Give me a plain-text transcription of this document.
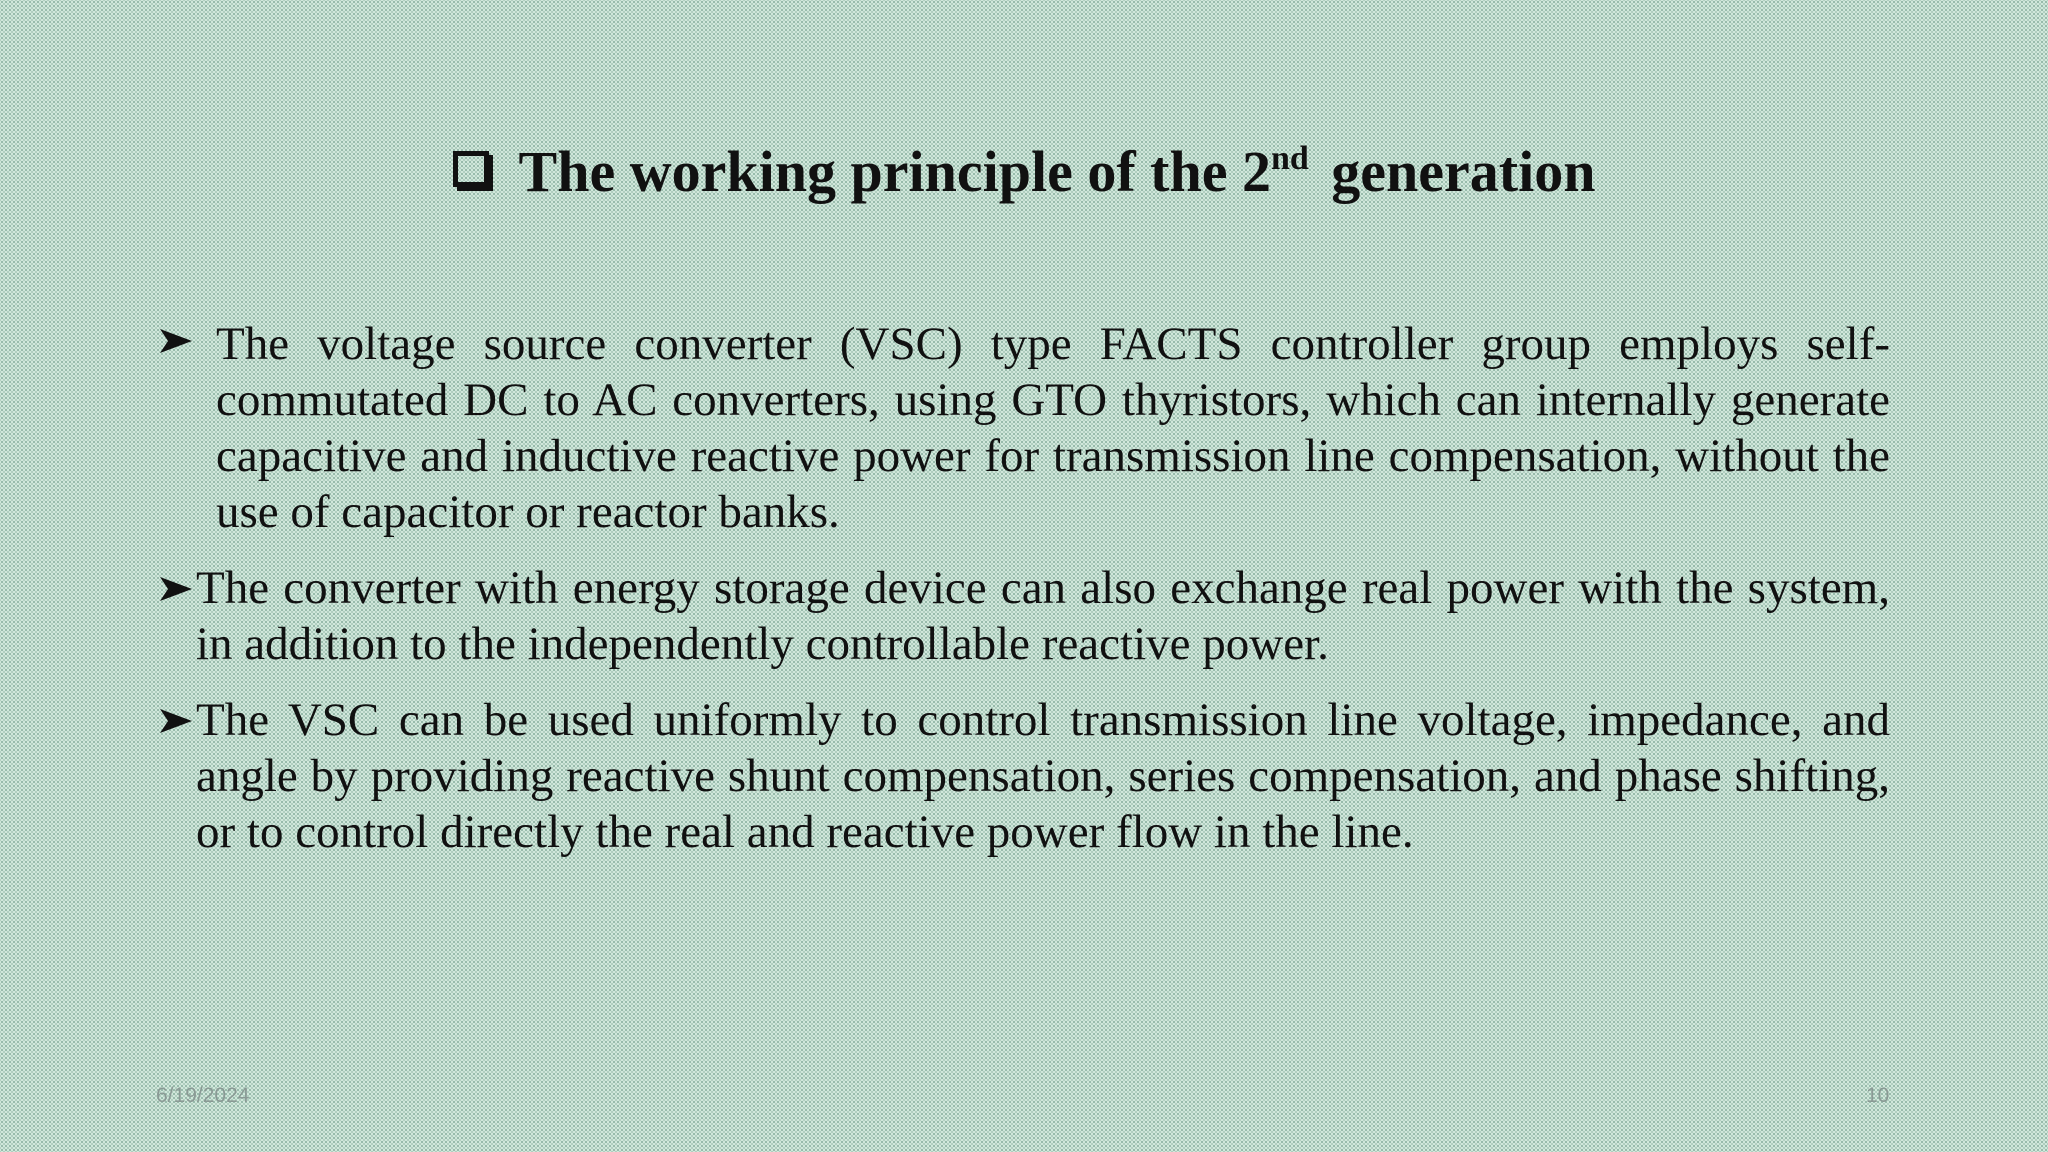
The working principle of the 2nd generation
The voltage source converter (VSC) type FACTS controller group employs self-commutated DC to AC converters, using GTO thyristors, which can internally generate capacitive and inductive reactive power for transmission line compensation, without the use of capacitor or reactor banks.
The converter with energy storage device can also exchange real power with the system, in addition to the independently controllable reactive power.
The VSC can be used uniformly to control transmission line voltage, impedance, and angle by providing reactive shunt compensation, series compensation, and phase shifting, or to control directly the real and reactive power flow in the line.
6/19/2024	10
